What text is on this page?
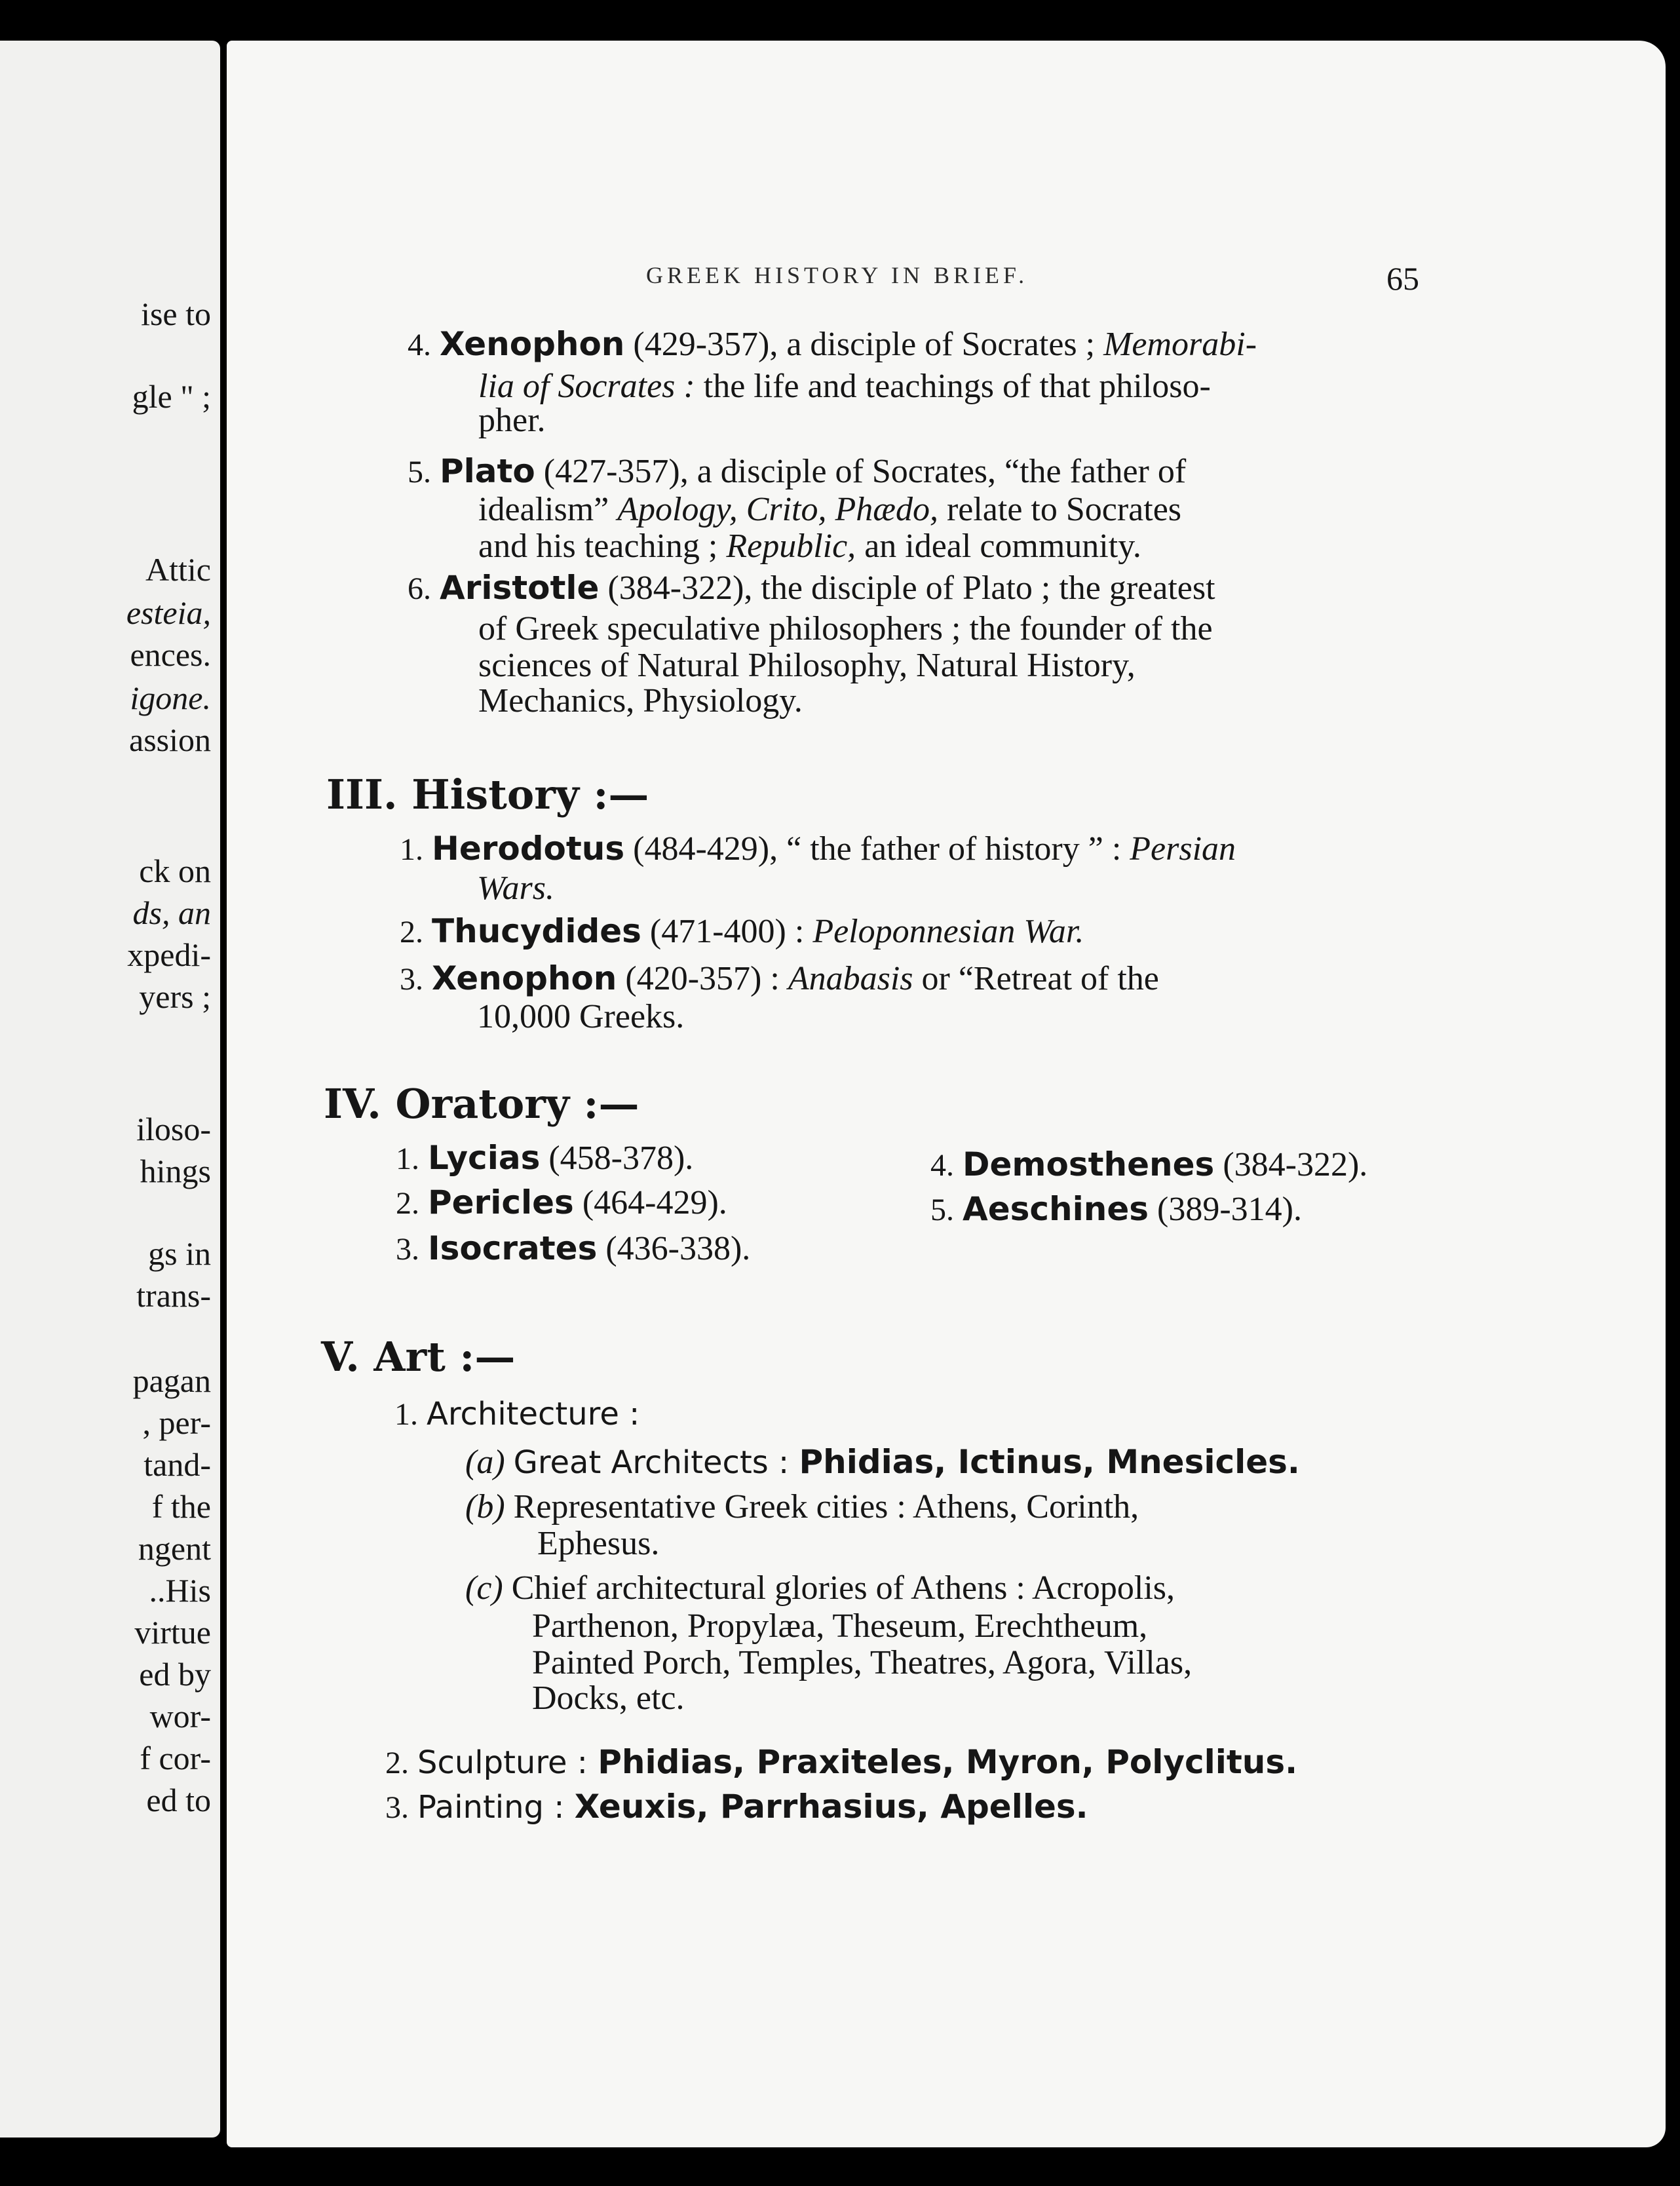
ise to
gle " ;
Attic
esteia,
ences.
igone.
assion
ck on
ds, an
xpedi-
yers ;
iloso-
hings
gs in
trans-
pagan
, per-
tand-
f the
ngent
..His
virtue
ed by
wor-
f cor-
ed to
GREEK HISTORY IN BRIEF.	65
4. Xenophon (429-357), a disciple of Socrates ; Memorabi-
lia of Socrates : the life and teachings of that philoso-
pher.
5. Plato (427-357), a disciple of Socrates, “the father of
idealism” Apology, Crito, Phædo, relate to Socrates
and his teaching ; Republic, an ideal community.
6. Aristotle (384-322), the disciple of Plato ; the greatest
of Greek speculative philosophers ; the founder of the
sciences of Natural Philosophy, Natural History,
Mechanics, Physiology.
III. History :—
1. Herodotus (484-429), “ the father of history ” : Persian
Wars.
2. Thucydides (471-400) : Peloponnesian War.
3. Xenophon (420-357) : Anabasis or “Retreat of the
10,000 Greeks.
IV. Oratory :—
1. Lycias (458-378).
2. Pericles (464-429).
3. Isocrates (436-338).
4. Demosthenes (384-322).
5. Aeschines (389-314).
V. Art :—
1. Architecture :
(a) Great Architects : Phidias, Ictinus, Mnesicles.
(b) Representative Greek cities : Athens, Corinth,
Ephesus.
(c) Chief architectural glories of Athens : Acropolis,
Parthenon, Propylæa, Theseum, Erechtheum,
Painted Porch, Temples, Theatres, Agora, Villas,
Docks, etc.
2. Sculpture : Phidias, Praxiteles, Myron, Polyclitus.
3. Painting : Xeuxis, Parrhasius, Apelles.
